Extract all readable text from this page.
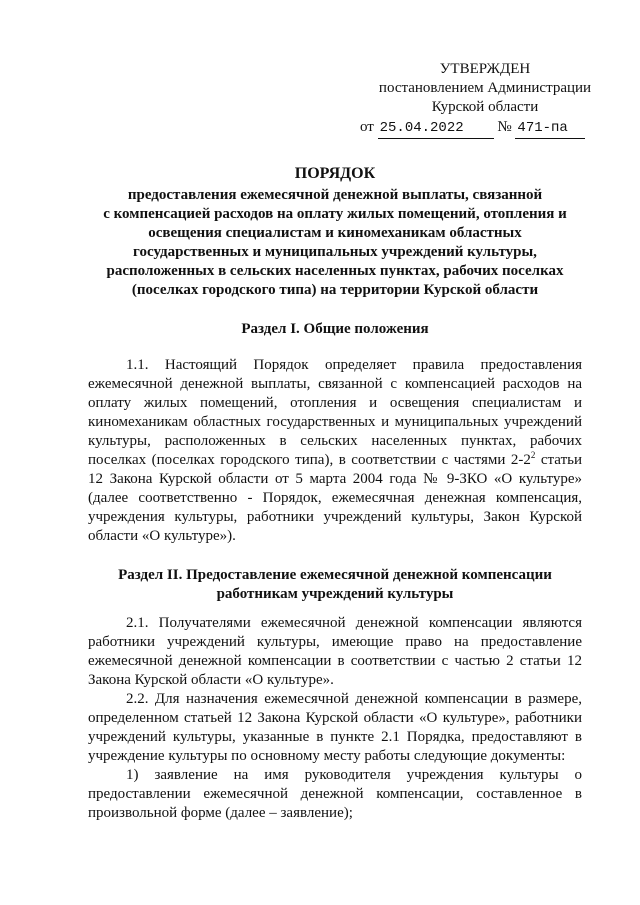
УТВЕРЖДЕН
постановлением Администрации
Курской области
от 25.04.2022 № 471-па
ПОРЯДОК
предоставления ежемесячной денежной выплаты, связанной
с компенсацией расходов на оплату жилых помещений, отопления и
освещения специалистам и киномеханикам областных
государственных и муниципальных учреждений культуры,
расположенных в сельских населенных пунктах, рабочих поселках
(поселках городского типа) на территории Курской области
Раздел I. Общие положения

1.1. Настоящий Порядок определяет правила предоставления ежемесячной денежной выплаты, связанной с компенсацией расходов на оплату жилых помещений, отопления и освещения специалистам и киномеханикам областных государственных и муниципальных учреждений культуры, расположенных в сельских населенных пунктах, рабочих поселках (поселках городского типа), в соответствии с частями $2-2^2$ статьи 12 Закона Курской области от 5 марта 2004 года № 9-ЗКО «О культуре» (далее соответственно - Порядок, ежемесячная денежная компенсация, учреждения культуры, работники учреждений культуры, Закон Курской области «О культуре»).

Раздел II. Предоставление ежемесячной денежной компенсации
работникам учреждений культуры

2.1. Получателями ежемесячной денежной компенсации являются работники учреждений культуры, имеющие право на предоставление ежемесячной денежной компенсации в соответствии с частью 2 статьи 12 Закона Курской области «О культуре».

2.2. Для назначения ежемесячной денежной компенсации в размере, определенном статьей 12 Закона Курской области «О культуре», работники учреждений культуры, указанные в пункте 2.1 Порядка, предоставляют в учреждение культуры по основному месту работы следующие документы:

1) заявление на имя руководителя учреждения культуры о предоставлении ежемесячной денежной компенсации, составленное в произвольной форме (далее – заявление);
